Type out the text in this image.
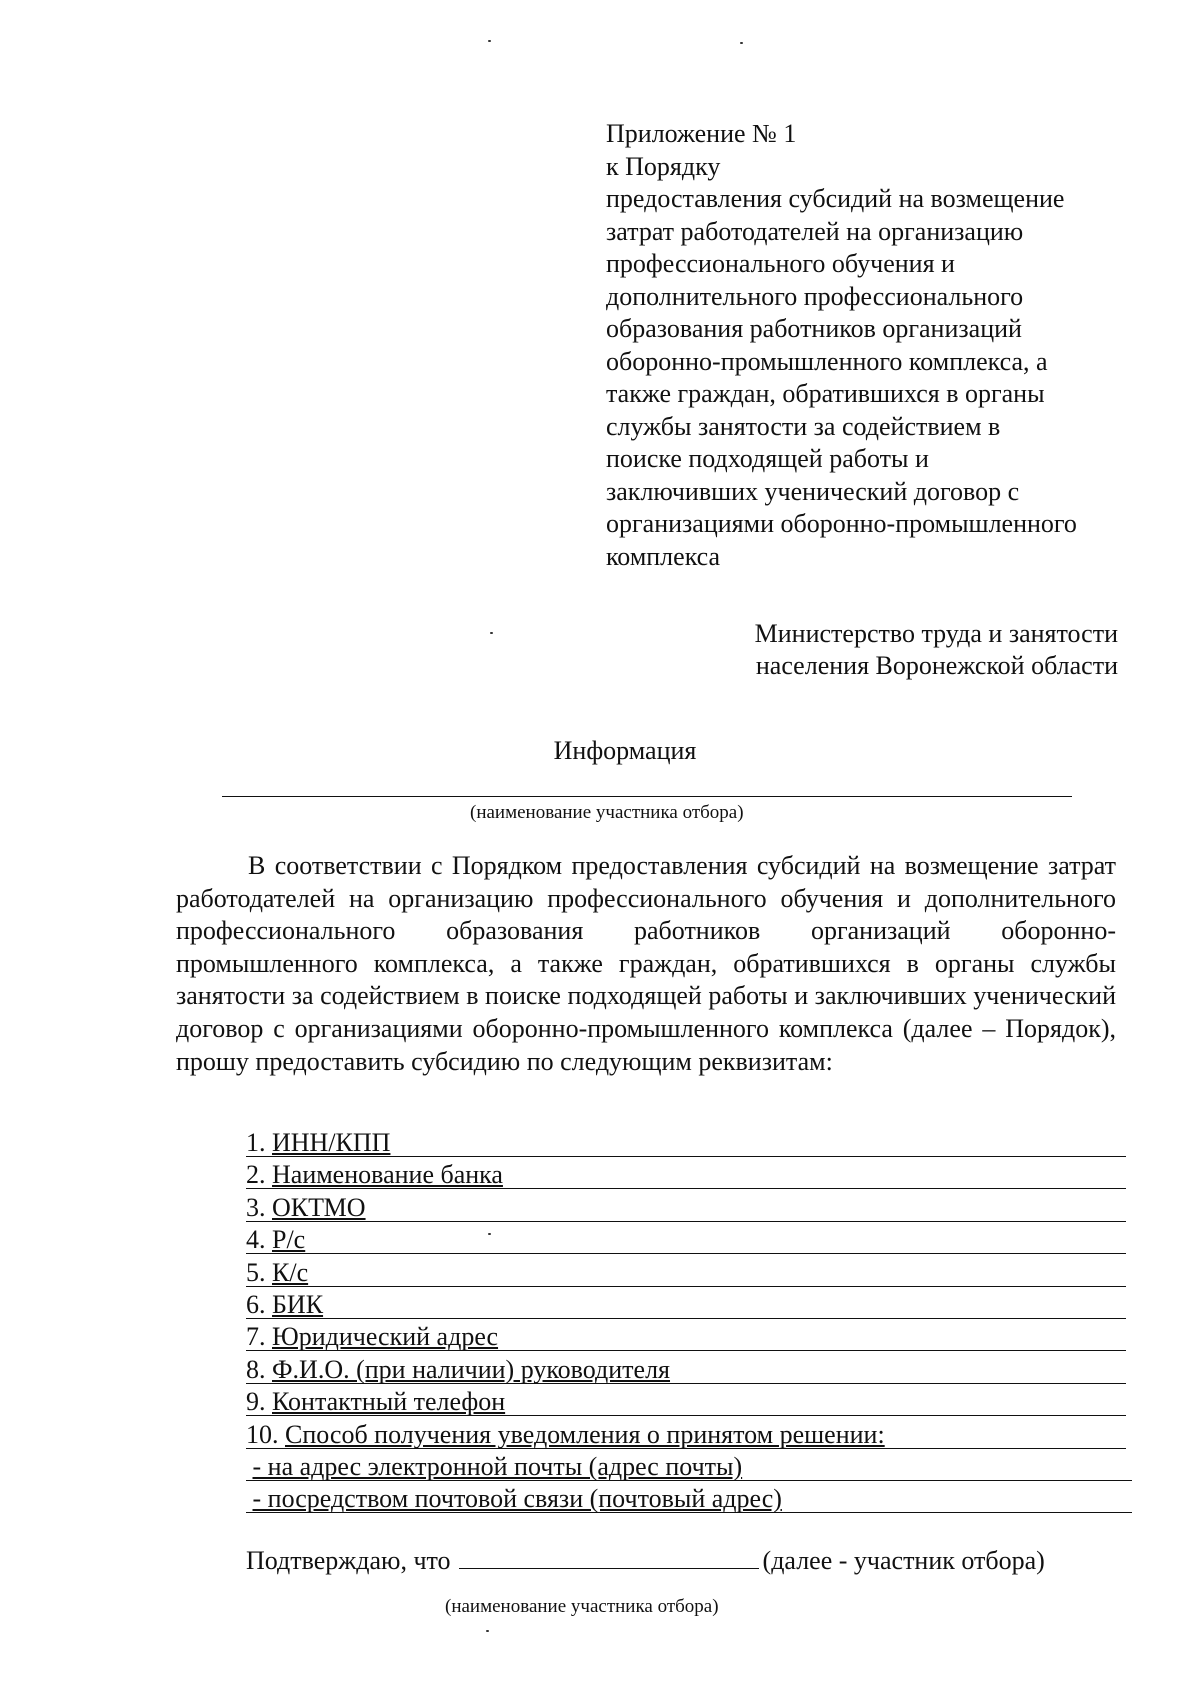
Приложение № 1
к Порядку
предоставления субсидий на возмещение
затрат работодателей на организацию
профессионального обучения и
дополнительного профессионального
образования работников организаций
оборонно-промышленного комплекса, а
также граждан, обратившихся в органы
службы занятости за содействием в
поиске подходящей работы и
заключивших ученический договор с
организациями оборонно-промышленного
комплекса
Министерство труда и занятости
населения Воронежской области
Информация
(наименование участника отбора)

В соответствии с Порядком предоставления субсидий на возмещение затрат работодателей на организацию профессионального обучения и дополнительного профессионального образования работников организаций оборонно-промышленного комплекса, а также граждан, обратившихся в органы службы занятости за содействием в поиске подходящей работы и заключивших ученический договор с организациями оборонно-промышленного комплекса (далее – Порядок), прошу предоставить субсидию по следующим реквизитам:

1. ИНН/КПП
2. Наименование банка
3. ОКТМО
4. Р/с
5. К/с
6. БИК
7. Юридический адрес
8. Ф.И.О. (при наличии) руководителя
9. Контактный телефон
10. Способ получения уведомления о принятом решении:
- на адрес электронной почты (адрес почты)
- посредством почтовой связи (почтовый адрес)
Подтверждаю, что	(далее - участник отбора)
(наименование участника отбора)
